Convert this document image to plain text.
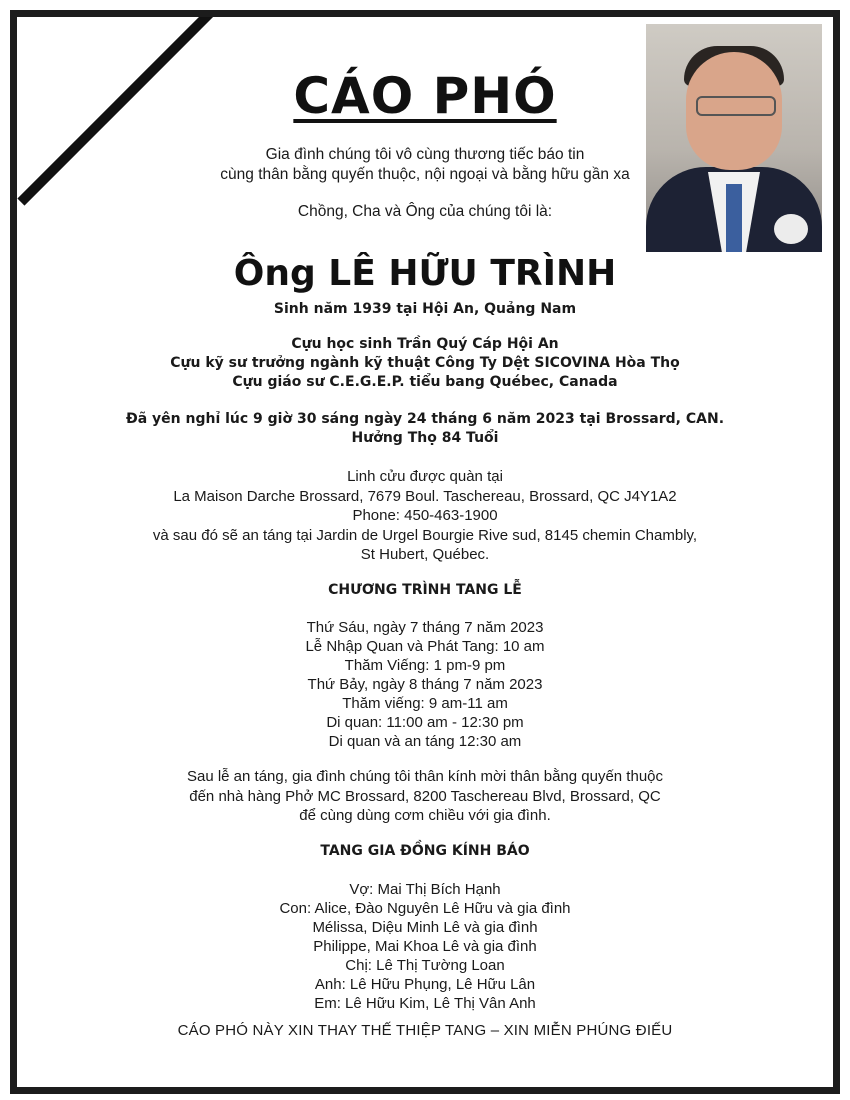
CÁO PHÓ
Gia đình chúng tôi vô cùng thương tiếc báo tin
cùng thân bằng quyến thuộc, nội ngoại và bằng hữu gần xa
Chồng, Cha và Ông của chúng tôi là:
Ông LÊ HỮU TRÌNH
Sinh năm 1939 tại Hội An, Quảng Nam
Cựu học sinh Trần Quý Cáp Hội An
Cựu kỹ sư trưởng ngành kỹ thuật Công Ty Dệt SICOVINA Hòa Thọ
Cựu giáo sư C.E.G.E.P. tiểu bang Québec, Canada
Đã yên nghỉ lúc 9 giờ 30 sáng ngày 24 tháng 6 năm 2023 tại Brossard, CAN.
Hưởng Thọ 84 Tuổi
Linh cửu được quàn tại
La Maison Darche Brossard, 7679 Boul. Taschereau, Brossard, QC J4Y1A2
Phone: 450-463-1900
và sau đó sẽ an táng tại Jardin de Urgel Bourgie Rive sud, 8145 chemin Chambly,
St Hubert, Québec.
CHƯƠNG TRÌNH TANG LỄ
Thứ Sáu, ngày 7 tháng 7 năm 2023
Lễ Nhập Quan và Phát Tang: 10 am
Thăm Viếng: 1 pm-9 pm
Thứ Bảy, ngày 8 tháng 7 năm 2023
Thăm viếng: 9 am-11 am
Di quan: 11:00 am - 12:30 pm
Di quan và an táng 12:30 am
Sau lễ an táng, gia đình chúng tôi thân kính mời thân bằng quyến thuộc
đến nhà hàng Phở MC Brossard, 8200 Taschereau Blvd, Brossard, QC
để cùng dùng cơm chiều với gia đình.
TANG GIA ĐỒNG KÍNH BÁO
Vợ: Mai Thị Bích Hạnh
Con: Alice, Đào Nguyên Lê Hữu và gia đình
Mélissa, Diệu Minh Lê và gia đình
Philippe, Mai Khoa Lê và gia đình
Chị: Lê Thị Tường Loan
Anh: Lê Hữu Phụng, Lê Hữu Lân
Em: Lê Hữu Kim, Lê Thị Vân Anh
CÁO PHÓ NÀY XIN THAY THẾ THIỆP TANG – XIN MIỄN PHÚNG ĐIẾU
